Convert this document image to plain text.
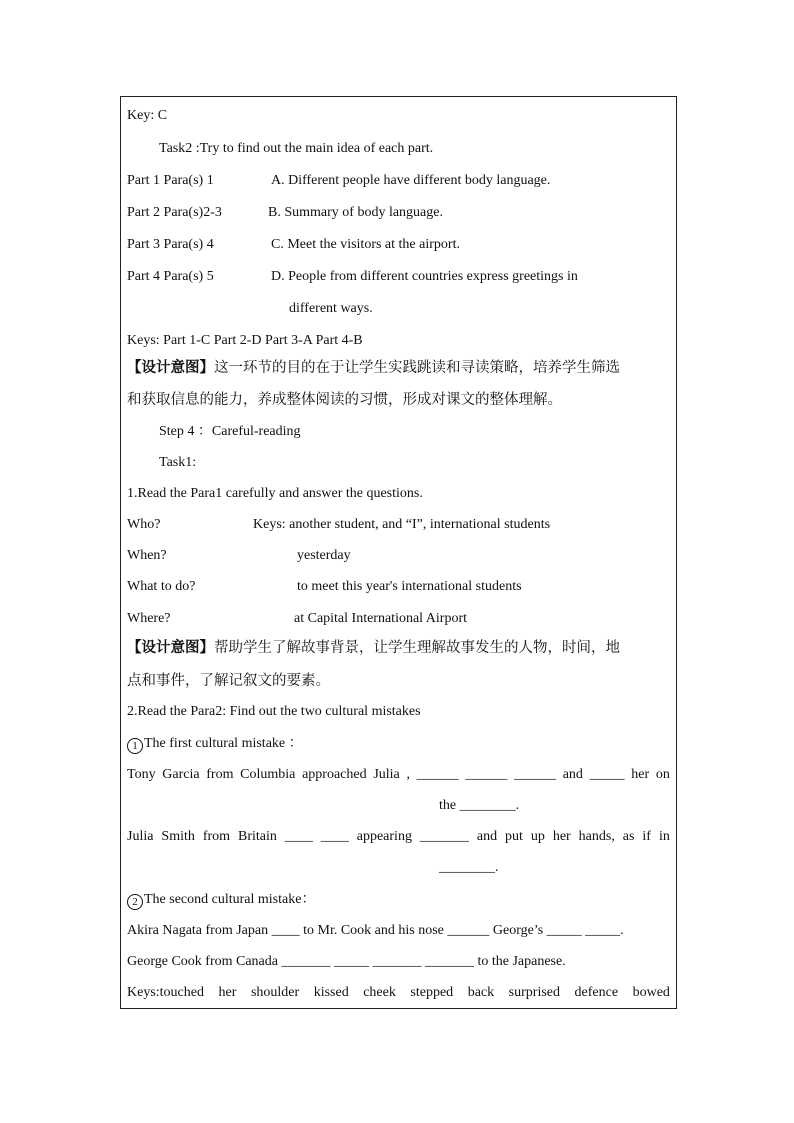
Key: C
Task2 :Try to find out the main idea of each part.
Part 1 Para(s) 1	A. Different people have different body language.
Part 2 Para(s)2-3	B. Summary of body language.
Part 3 Para(s) 4	C. Meet the visitors at the airport.
Part 4 Para(s) 5	D. People from different countries express greetings in
different ways.
Keys: Part 1-C Part 2-D Part 3-A Part 4-B
【设计意图】这一环节的目的在于让学生实践跳读和寻读策略，培养学生筛选
和获取信息的能力，养成整体阅读的习惯，形成对课文的整体理解。
Step 4 ：Careful-reading
Task1:
1.Read the Para1 carefully and answer the questions.
Who?	Keys: another student, and “I”, international students
When?	yesterday
What to do?	to meet this year's international students
Where?	at Capital International Airport
【设计意图】帮助学生了解故事背景，让学生理解故事发生的人物，时间，地
点和事件，了解记叙文的要素。
2.Read the Para2: Find out the two cultural mistakes
1 The first cultural mistake ：
Tony Garcia from Columbia approached Julia , ______ ______ ______ and _____ her on
the ________.
Julia Smith from Britain ____ ____ appearing _______ and put up her hands, as if in
________.
2 The second cultural mistake：
Akira Nagata from Japan ____ to Mr. Cook and his nose ______ George’s _____ _____.
George Cook from Canada _______ _____ _______ _______ to the Japanese.
Keys:touched her shoulder kissed cheek stepped back surprised defence bowed
